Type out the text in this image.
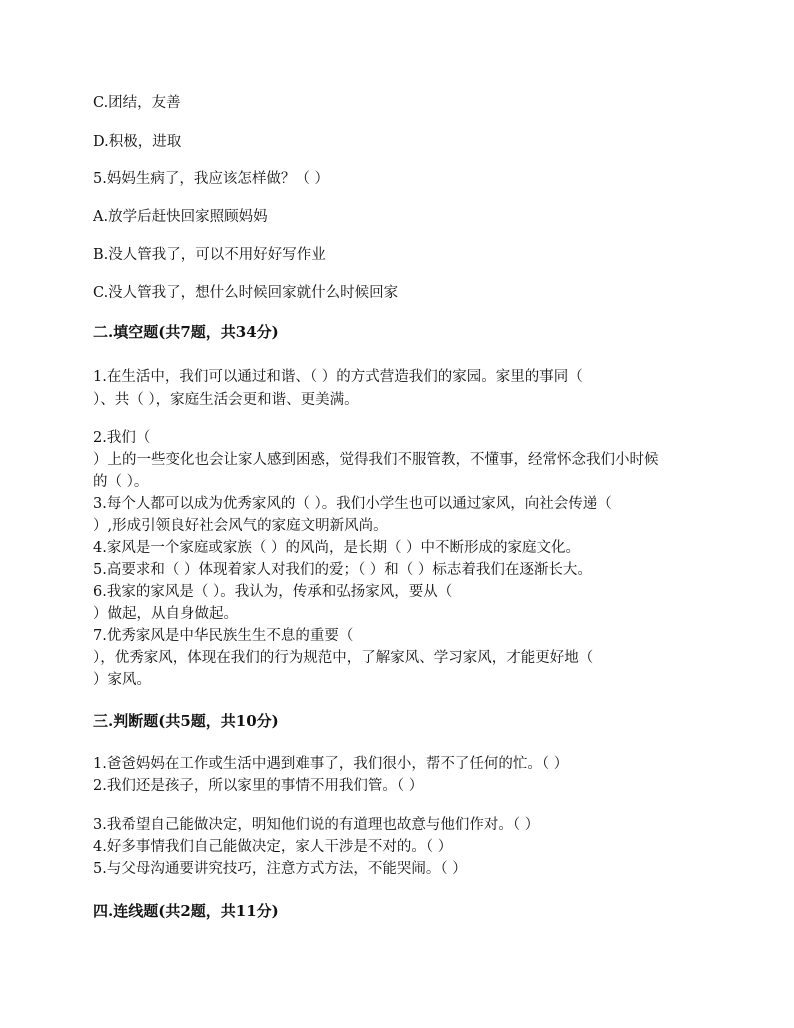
C.团结，友善

D.积极，进取

5.妈妈生病了，我应该怎样做？（ ）

A.放学后赶快回家照顾妈妈

B.没人管我了，可以不用好好写作业

C.没人管我了，想什么时候回家就什么时候回家

二.填空题(共7题，共34分)

1.在生活中，我们可以通过和谐、（ ）的方式营造我们的家园。家里的事同（

）、共（ ），家庭生活会更和谐、更美满。

2.我们（

）上的一些变化也会让家人感到困惑，觉得我们不服管教，不懂事，经常怀念我们小时候

的（ ）。

3.每个人都可以成为优秀家风的（ ）。我们小学生也可以通过家风，向社会传递（

）,形成引领良好社会风气的家庭文明新风尚。

4.家风是一个家庭或家族（ ）的风尚，是长期（ ）中不断形成的家庭文化。

5.高要求和（ ）体现着家人对我们的爱；（ ）和（ ）标志着我们在逐渐长大。

6.我家的家风是（ ）。我认为，传承和弘扬家风，要从（

）做起，从自身做起。

7.优秀家风是中华民族生生不息的重要（

），优秀家风，体现在我们的行为规范中，了解家风、学习家风，才能更好地（

）家风。

三.判断题(共5题，共10分)

1.爸爸妈妈在工作或生活中遇到难事了，我们很小，帮不了任何的忙。（ ）

2.我们还是孩子，所以家里的事情不用我们管。（ ）

3.我希望自己能做决定，明知他们说的有道理也故意与他们作对。（ ）

4.好多事情我们自己能做决定，家人干涉是不对的。（ ）

5.与父母沟通要讲究技巧，注意方式方法，不能哭闹。（ ）

四.连线题(共2题，共11分)
